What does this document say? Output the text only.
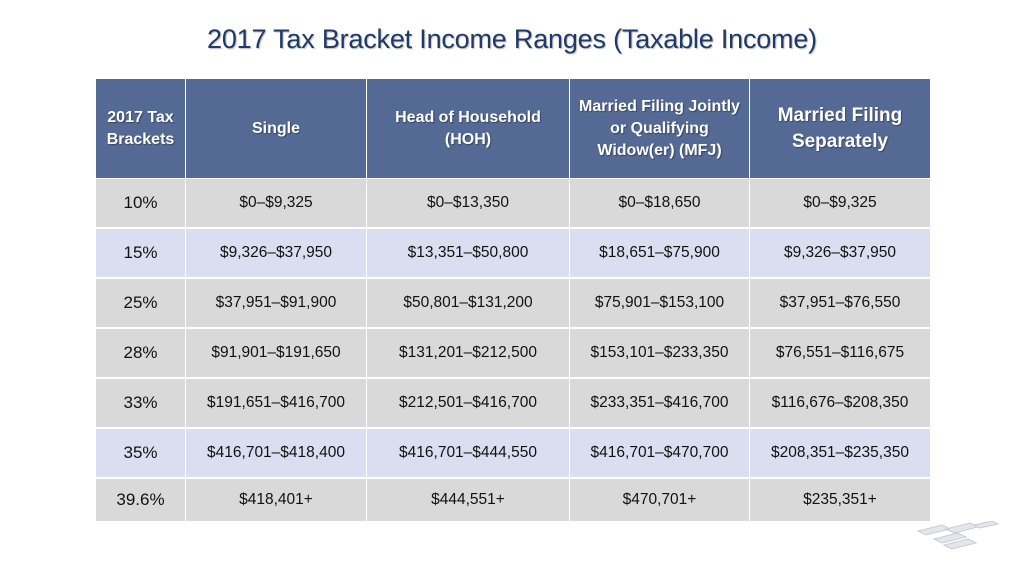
2017 Tax Bracket Income Ranges (Taxable Income)
2017 Tax Brackets	Single	Head of Household (HOH)	Married Filing Jointly or Qualifying Widow(er) (MFJ)	Married Filing Separately
10%	$0–$9,325	$0–$13,350	$0–$18,650	$0–$9,325
15%	$9,326–$37,950	$13,351–$50,800	$18,651–$75,900	$9,326–$37,950
25%	$37,951–$91,900	$50,801–$131,200	$75,901–$153,100	$37,951–$76,550
28%	$91,901–$191,650	$131,201–$212,500	$153,101–$233,350	$76,551–$116,675
33%	$191,651–$416,700	$212,501–$416,700	$233,351–$416,700	$116,676–$208,350
35%	$416,701–$418,400	$416,701–$444,550	$416,701–$470,700	$208,351–$235,350
39.6%	$418,401+	$444,551+	$470,701+	$235,351+
